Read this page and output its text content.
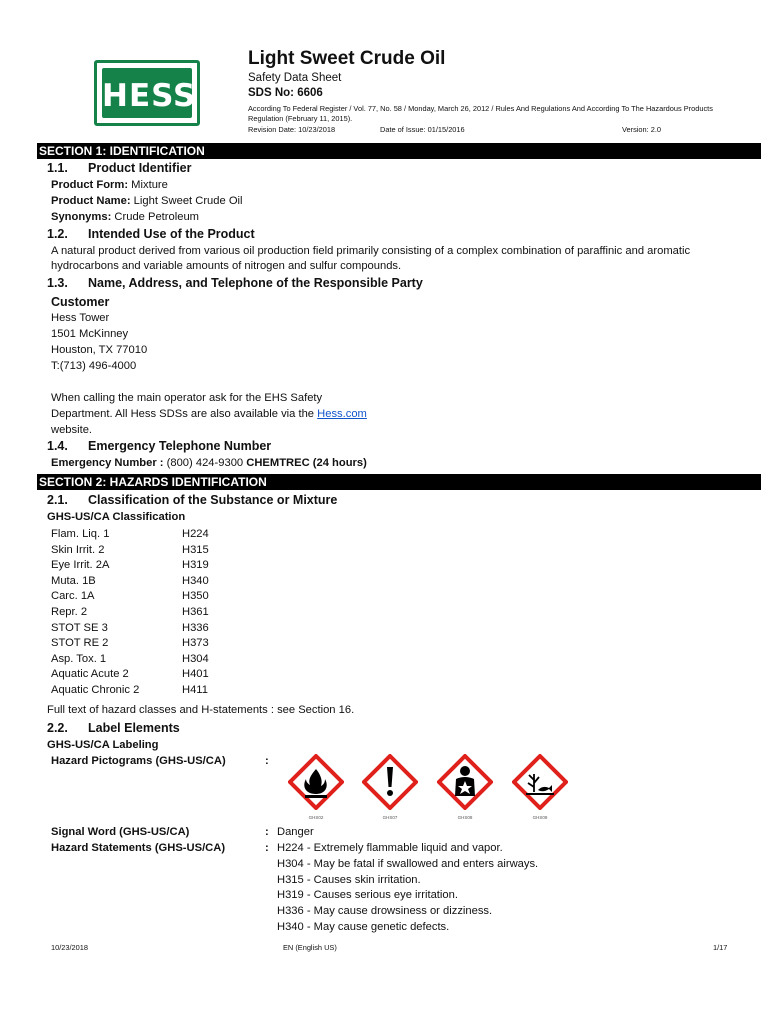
HESS
Light Sweet Crude Oil
Safety Data Sheet
SDS No: 6606
According To Federal Register / Vol. 77, No. 58 / Monday, March 26, 2012 / Rules And Regulations And According To The Hazardous Products Regulation (February 11, 2015).
Revision Date: 10/23/2018	Date of Issue: 01/15/2016	Version: 2.0
SECTION 1: IDENTIFICATION
1.1. Product Identifier
Product Form: Mixture
Product Name: Light Sweet Crude Oil
Synonyms: Crude Petroleum
1.2. Intended Use of the Product
A natural product derived from various oil production field primarily consisting of a complex combination of paraffinic and aromatic
hydrocarbons and variable amounts of nitrogen and sulfur compounds.
1.3. Name, Address, and Telephone of the Responsible Party
Customer
Hess Tower
1501 McKinney
Houston, TX 77010
T:(713) 496-4000
When calling the main operator ask for the EHS Safety
Department. All Hess SDSs are also available via the Hess.com
website.
1.4. Emergency Telephone Number
Emergency Number : (800) 424-9300 CHEMTREC (24 hours)
SECTION 2: HAZARDS IDENTIFICATION
2.1. Classification of the Substance or Mixture
GHS-US/CA Classification
Flam. Liq. 1	H224
Skin Irrit. 2	H315
Eye Irrit. 2A	H319
Muta. 1B	H340
Carc. 1A	H350
Repr. 2	H361
STOT SE 3	H336
STOT RE 2	H373
Asp. Tox. 1	H304
Aquatic Acute 2	H401
Aquatic Chronic 2	H411
Full text of hazard classes and H-statements : see Section 16.
2.2. Label Elements
GHS-US/CA Labeling
Hazard Pictograms (GHS-US/CA)	:
GHS02	GHS07	GHS08	GHS09
Signal Word (GHS-US/CA)	: Danger
Hazard Statements (GHS-US/CA)	: H224 - Extremely flammable liquid and vapor.
H304 - May be fatal if swallowed and enters airways.
H315 - Causes skin irritation.
H319 - Causes serious eye irritation.
H336 - May cause drowsiness or dizziness.
H340 - May cause genetic defects.
10/23/2018	EN (English US)	1/17
